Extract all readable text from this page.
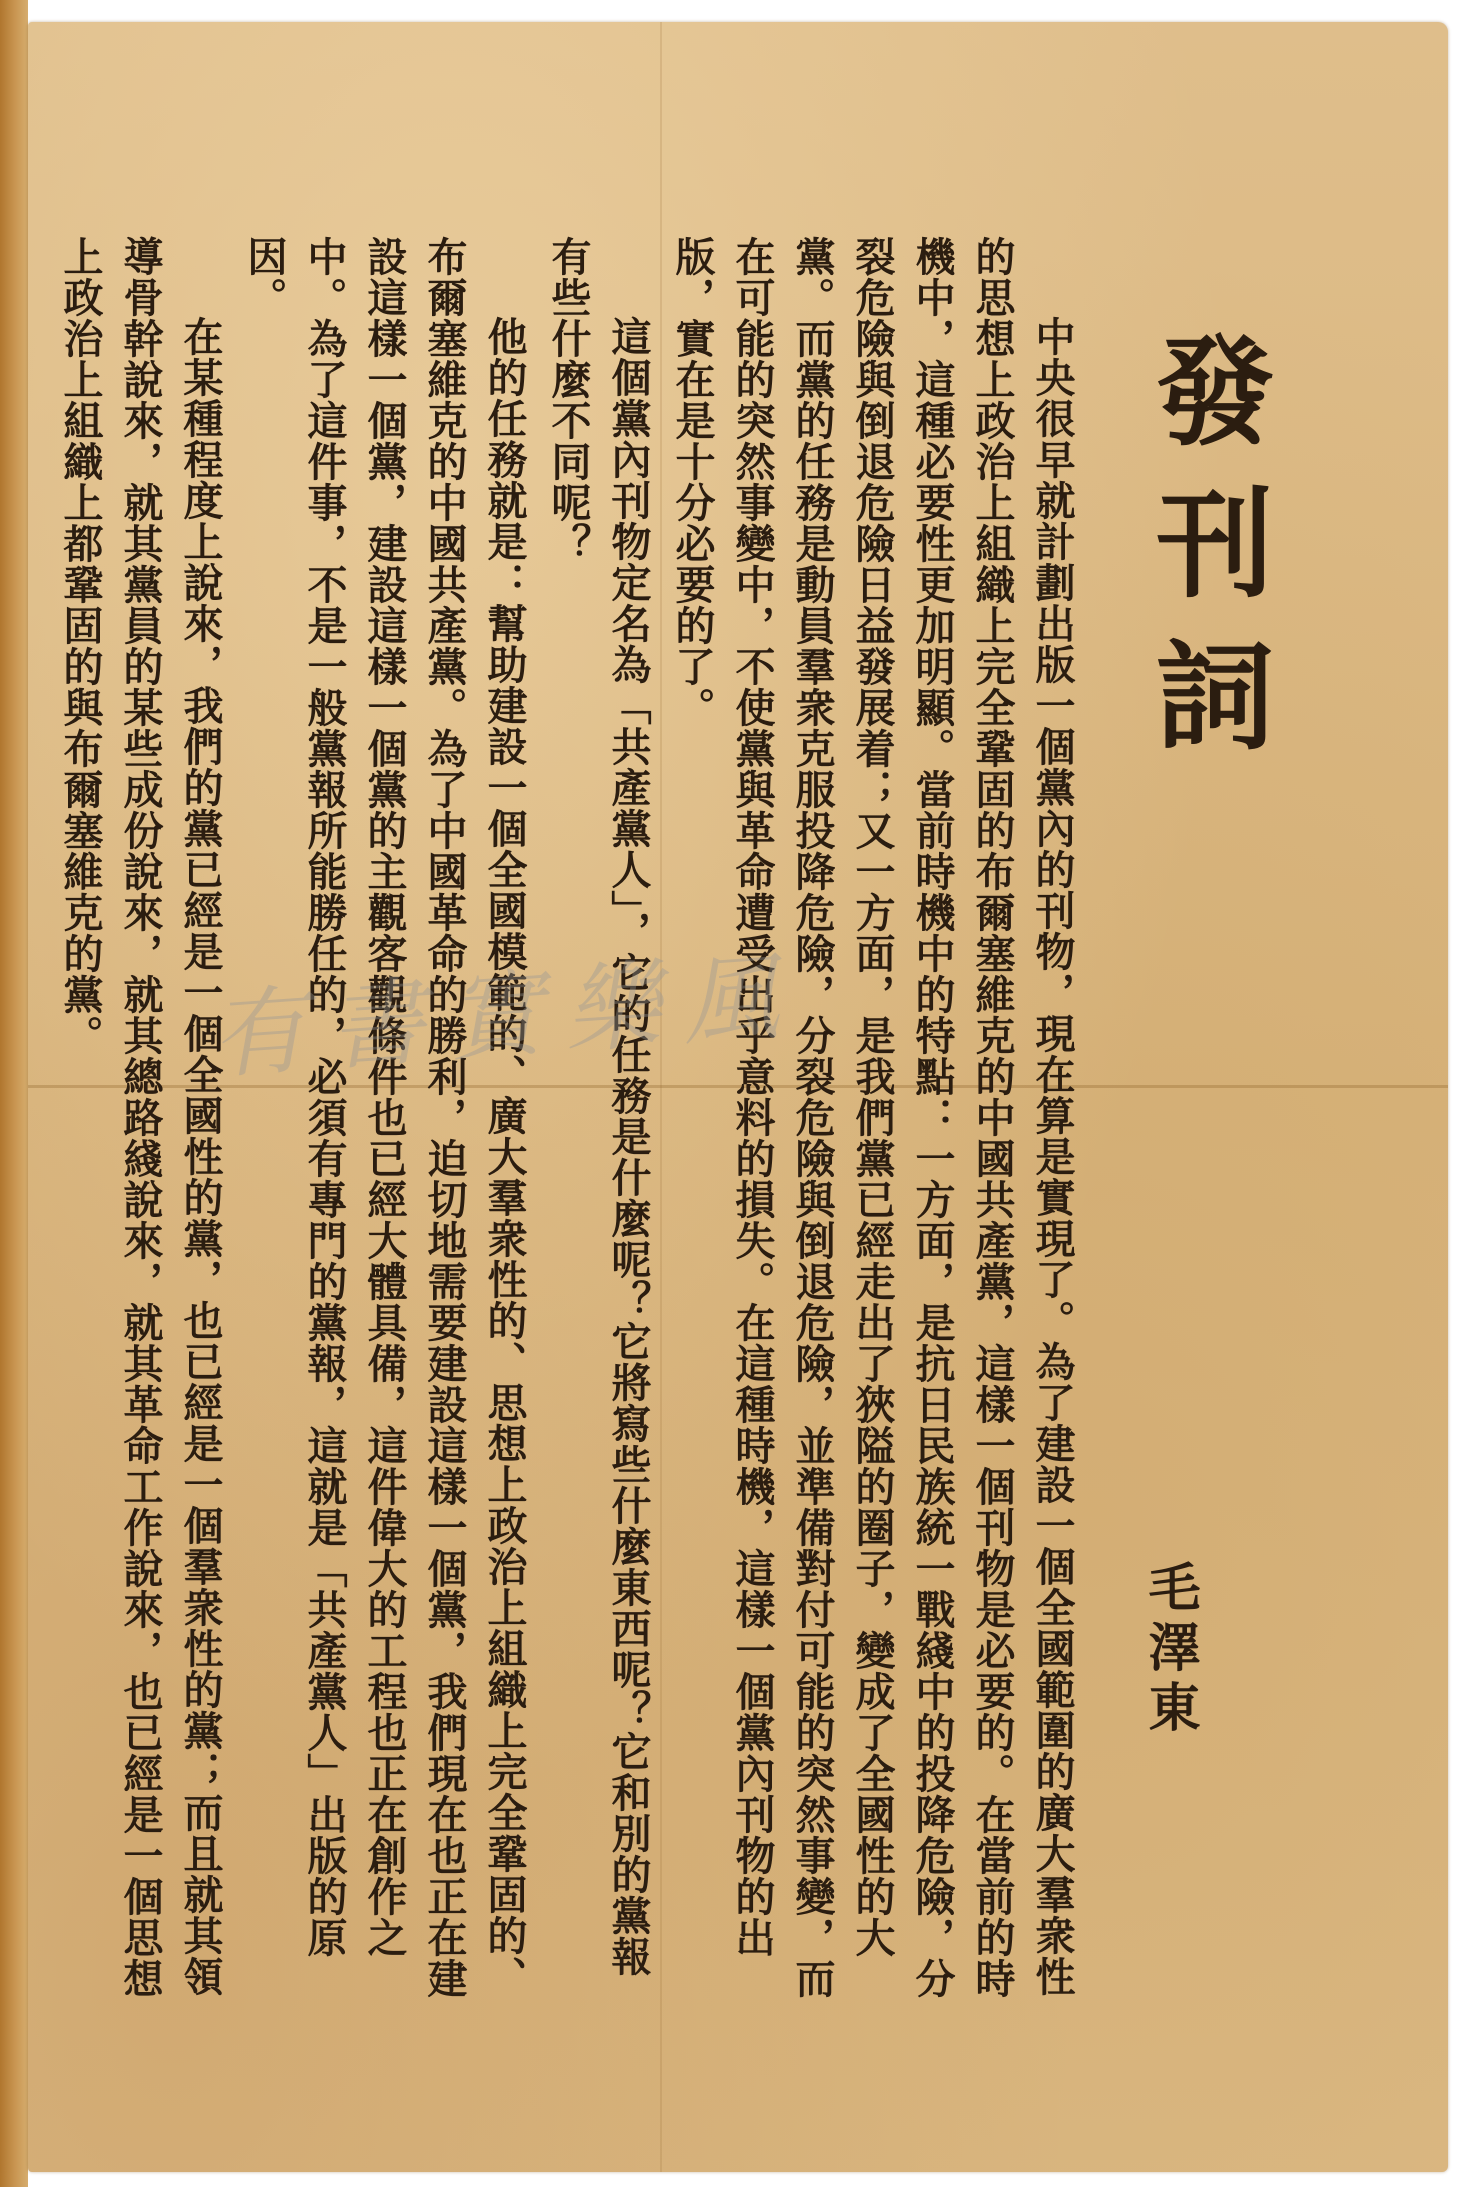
發刊詞

中央很早就計劃出版一個黨內的刊物，現在算是實現了。為了建設一個全國範圍的廣大羣衆性的思想上政治上組織上完全鞏固的布爾塞維克的中國共產黨，這樣一個刊物是必要的。在當前的時機中，這種必要性更加明顯。當前時機中的特點：一方面，是抗日民族統一戰綫中的投降危險，分裂危險與倒退危險日益發展着；又一方面，是我們黨已經走出了狹隘的圈子，變成了全國性的大黨。而黨的任務是動員羣衆克服投降危險，分裂危險與倒退危險，並準備對付可能的突然事變，而在可能的突然事變中，不使黨與革命遭受出乎意料的損失。在這種時機，這樣一個黨內刊物的出版，實在是十分必要的了。

這個黨內刊物定名為「共產黨人」，它的任務是什麼呢？它將寫些什麼東西呢？它和別的黨報有些什麼不同呢？

他的任務就是：幫助建設一個全國模範的、廣大羣衆性的、思想上政治上組織上完全鞏固的、布爾塞維克的中國共產黨。為了中國革命的勝利，迫切地需要建設這樣一個黨，我們現在也正在建設這樣一個黨，建設這樣一個黨的主觀客觀條件也已經大體具備，這件偉大的工程也正在創作之中。為了這件事，不是一般黨報所能勝任的，必須有專門的黨報，這就是「共產黨人」出版的原因。

在某種程度上說來，我們的黨已經是一個全國性的黨，也已經是一個羣衆性的黨；而且就其領導骨幹說來，就其黨員的某些成份說來，就其總路綫說來，就其革命工作說來，也已經是一個思想上政治上組織上都鞏固的與布爾塞維克的黨。

毛澤東
有書實樂風
